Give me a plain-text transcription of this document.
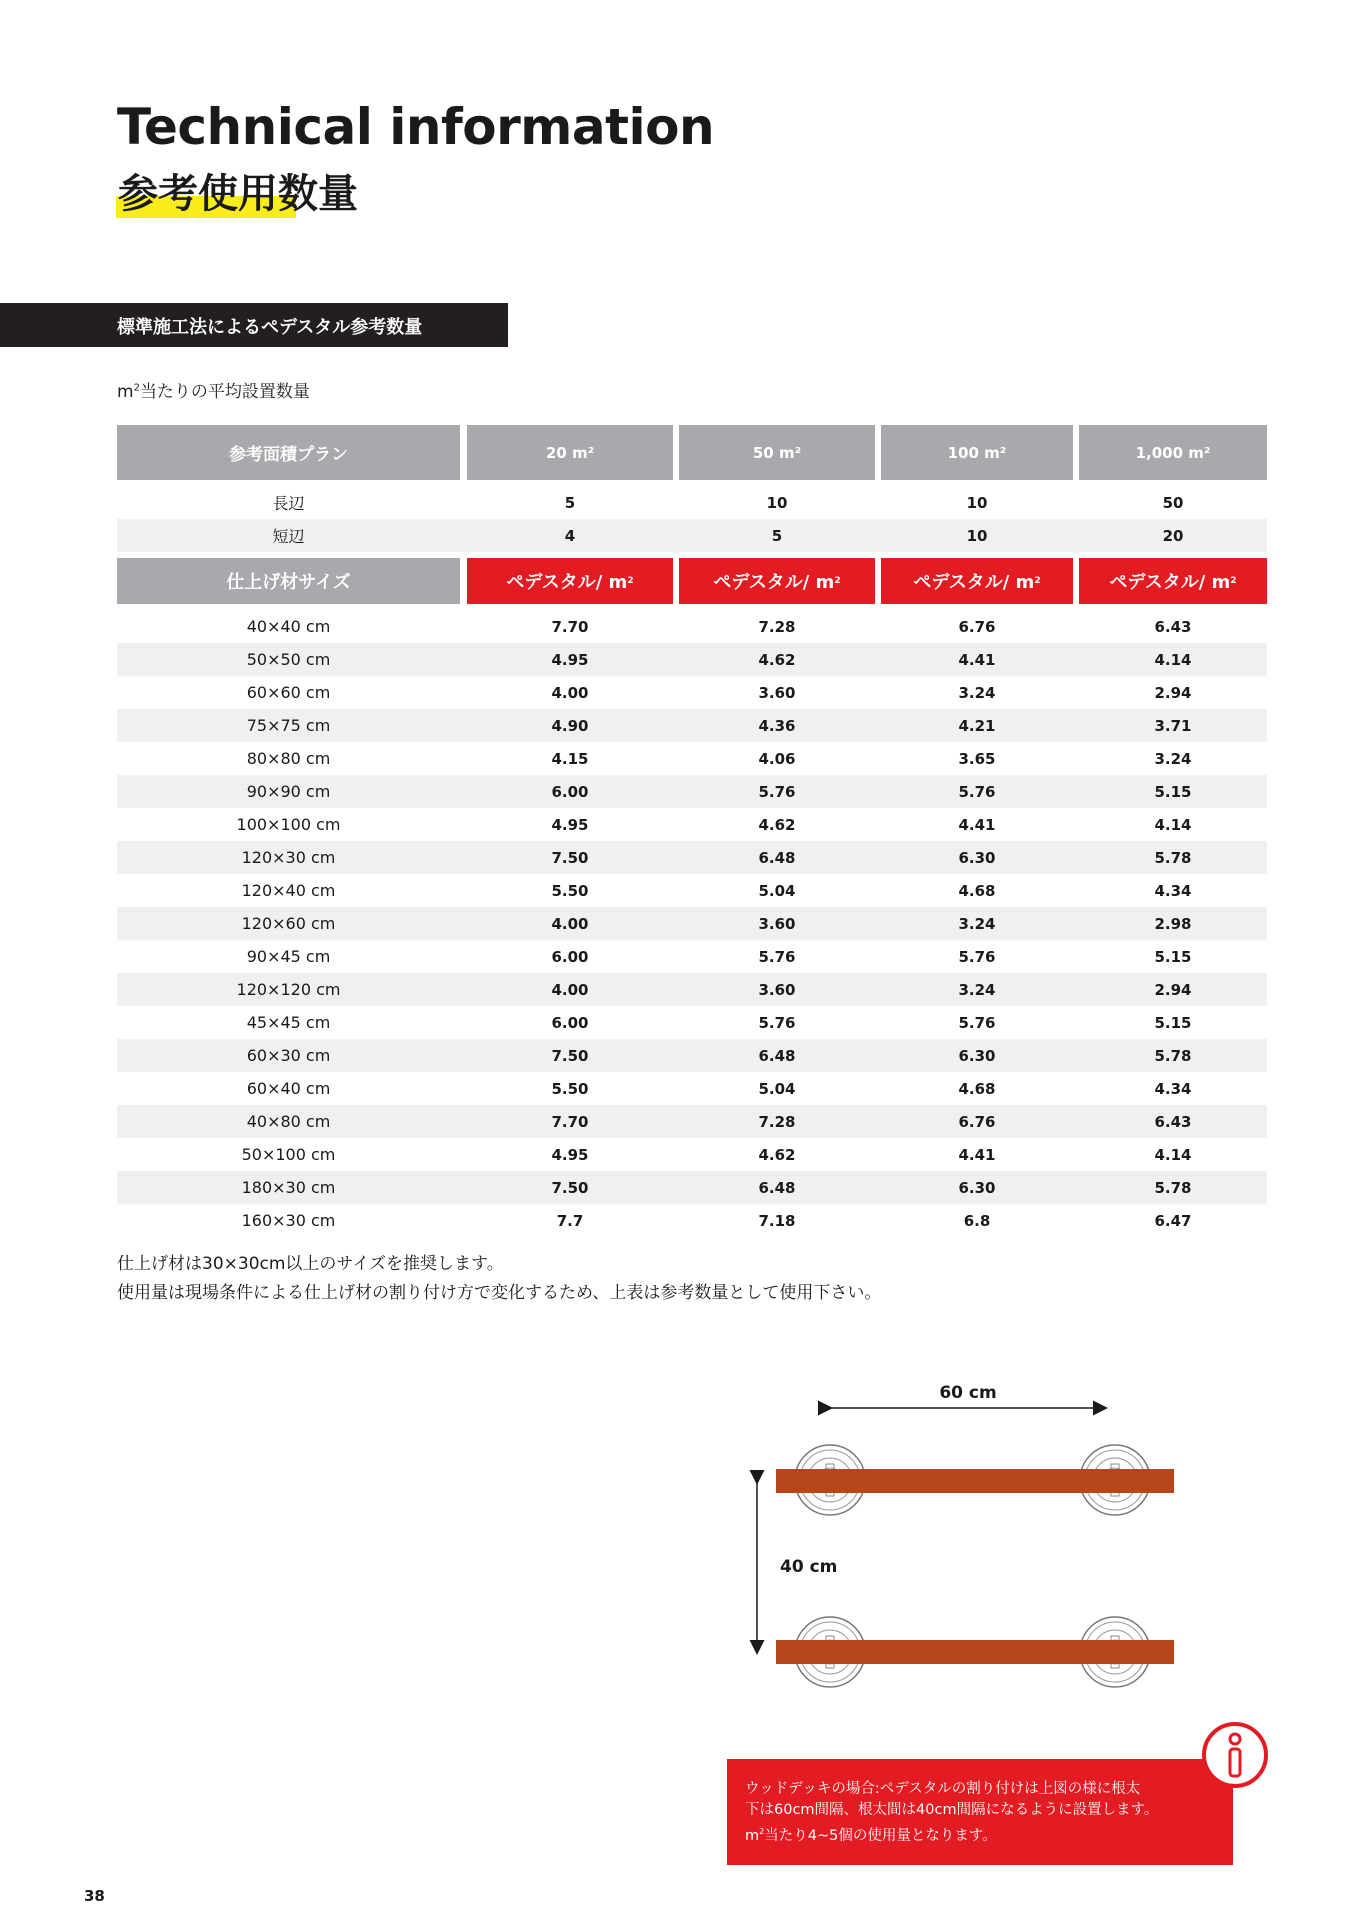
Technical information
参考使用数量
標準施工法によるペデスタル参考数量
$m^2$当たりの平均設置数量
参考面積プラン	20 m²	50 m²	100 m²	1,000 m²
長辺	5	10	10	50
短辺	4	5	10	20
仕上げ材サイズ	ペデスタル/ m 2	ペデスタル/ m 2	ペデスタル/ m 2	ペデスタル/ m 2
40×40 cm	7.70	7.28	6.76	6.43
50×50 cm	4.95	4.62	4.41	4.14
60×60 cm	4.00	3.60	3.24	2.94
75×75 cm	4.90	4.36	4.21	3.71
80×80 cm	4.15	4.06	3.65	3.24
90×90 cm	6.00	5.76	5.76	5.15
100×100 cm	4.95	4.62	4.41	4.14
120×30 cm	7.50	6.48	6.30	5.78
120×40 cm	5.50	5.04	4.68	4.34
120×60 cm	4.00	3.60	3.24	2.98
90×45 cm	6.00	5.76	5.76	5.15
120×120 cm	4.00	3.60	3.24	2.94
45×45 cm	6.00	5.76	5.76	5.15
60×30 cm	7.50	6.48	6.30	5.78
60×40 cm	5.50	5.04	4.68	4.34
40×80 cm	7.70	7.28	6.76	6.43
50×100 cm	4.95	4.62	4.41	4.14
180×30 cm	7.50	6.48	6.30	5.78
160×30 cm	7.7	7.18	6.8	6.47
仕上げ材は30×30cm以上のサイズを推奨します。
使用量は現場条件による仕上げ材の割り付け方で変化するため、上表は参考数量として使用下さい。
60 cm
40 cm

ウッドデッキの場合:ペデスタルの割り付けは上図の様に根太
下は60cm間隔、根太間は40cm間隔になるように設置します。
$m^2$当たり4~5個の使用量となります。

38
